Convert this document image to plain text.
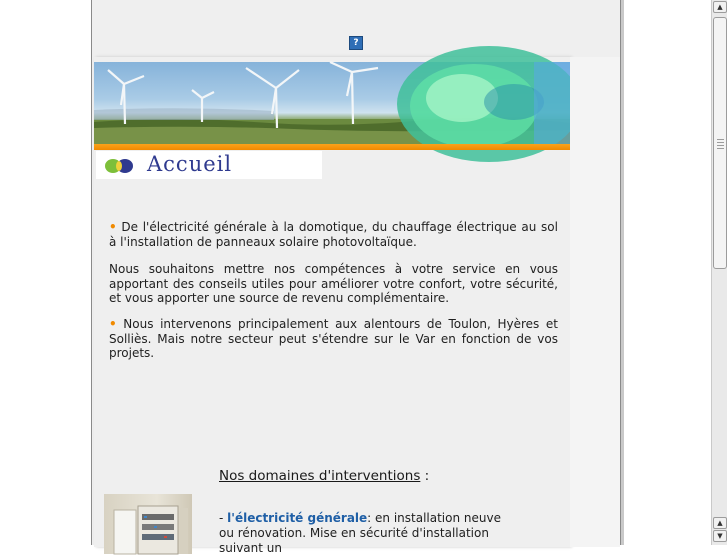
?
Accueil

• De l'électricité générale à la domotique, du chauffage électrique au sol à l'installation de panneaux solaire photovoltaïque.

Nous souhaitons mettre nos compétences à votre service en vous apportant des conseils utiles pour améliorer votre confort, votre sécurité, et vous apporter une source de revenu complémentaire.

• Nous intervenons principalement aux alentours de Toulon, Hyères et Solliès. Mais notre secteur peut s'étendre sur le Var en fonction de vos projets.

Nos domaines d'interventions :
- l'électricité générale: en installation neuve ou rénovation. Mise en sécurité d'installation suivant un
▲
▲
▼
